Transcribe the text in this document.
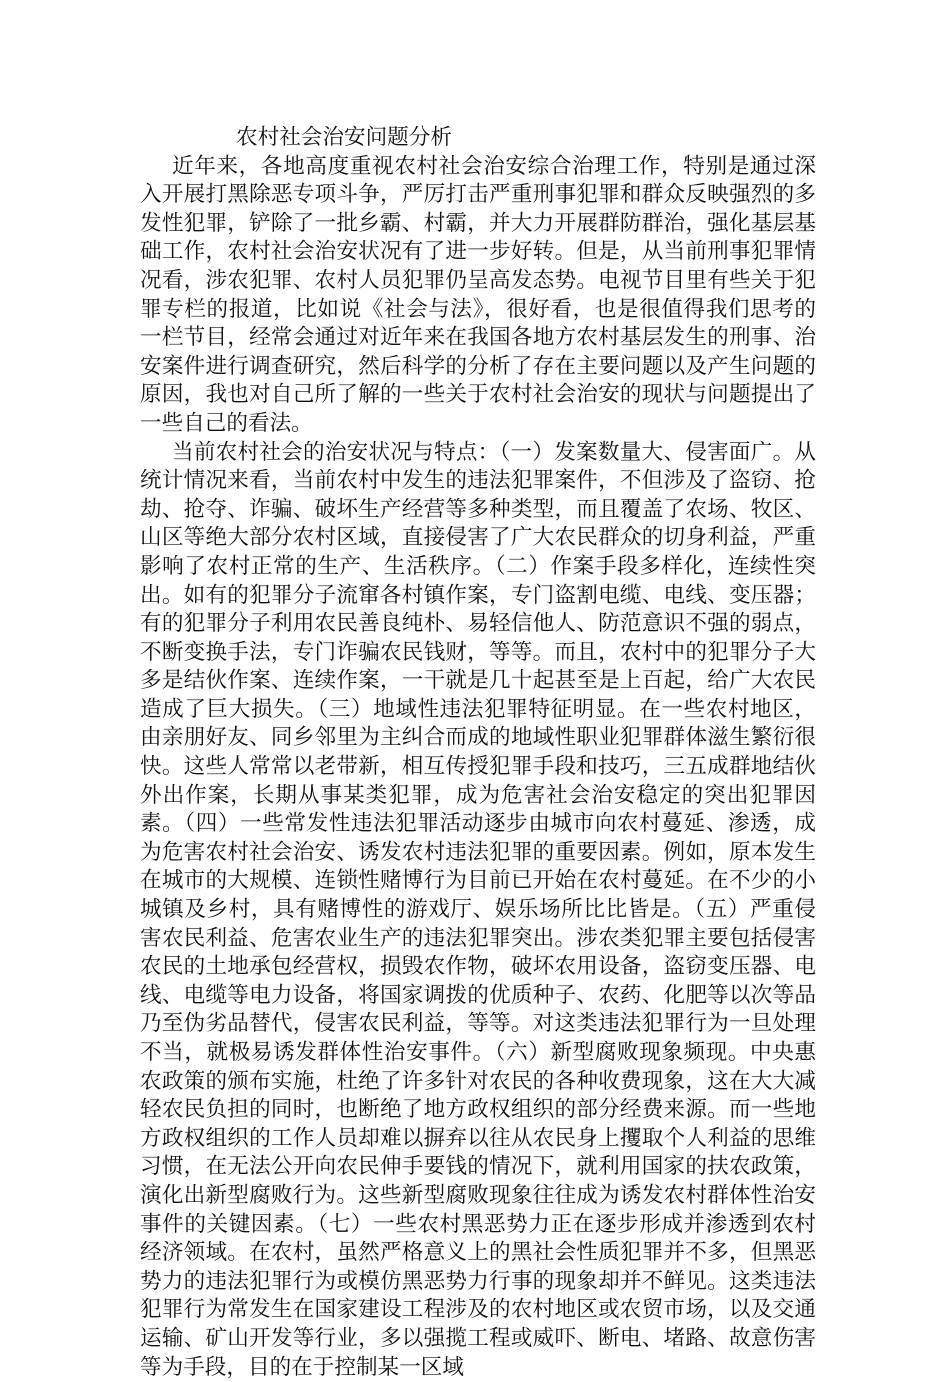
农村社会治安问题分析

近年来，各地高度重视农村社会治安综合治理工作，特别是通过深入开展打黑除恶专项斗争，严厉打击严重刑事犯罪和群众反映强烈的多发性犯罪，铲除了一批乡霸、村霸，并大力开展群防群治，强化基层基础工作，农村社会治安状况有了进一步好转。但是，从当前刑事犯罪情况看，涉农犯罪、农村人员犯罪仍呈高发态势。电视节目里有些关于犯罪专栏的报道，比如说《社会与法》，很好看，也是很值得我们思考的一栏节目，经常会通过对近年来在我国各地方农村基层发生的刑事、治安案件进行调查研究，然后科学的分析了存在主要问题以及产生问题的原因，我也对自己所了解的一些关于农村社会治安的现状与问题提出了一些自己的看法。

当前农村社会的治安状况与特点：（一）发案数量大、侵害面广。从统计情况来看，当前农村中发生的违法犯罪案件，不但涉及了盗窃、抢劫、抢夺、诈骗、破坏生产经营等多种类型，而且覆盖了农场、牧区、山区等绝大部分农村区域，直接侵害了广大农民群众的切身利益，严重影响了农村正常的生产、生活秩序。（二）作案手段多样化，连续性突出。如有的犯罪分子流窜各村镇作案，专门盗割电缆、电线、变压器；有的犯罪分子利用农民善良纯朴、易轻信他人、防范意识不强的弱点，不断变换手法，专门诈骗农民钱财，等等。而且，农村中的犯罪分子大多是结伙作案、连续作案，一干就是几十起甚至是上百起，给广大农民造成了巨大损失。（三）地域性违法犯罪特征明显。在一些农村地区，由亲朋好友、同乡邻里为主纠合而成的地域性职业犯罪群体滋生繁衍很快。这些人常常以老带新，相互传授犯罪手段和技巧，三五成群地结伙外出作案，长期从事某类犯罪，成为危害社会治安稳定的突出犯罪因素。（四）一些常发性违法犯罪活动逐步由城市向农村蔓延、渗透，成为危害农村社会治安、诱发农村违法犯罪的重要因素。例如，原本发生在城市的大规模、连锁性赌博行为目前已开始在农村蔓延。在不少的小城镇及乡村，具有赌博性的游戏厅、娱乐场所比比皆是。（五）严重侵害农民利益、危害农业生产的违法犯罪突出。涉农类犯罪主要包括侵害农民的土地承包经营权，损毁农作物，破坏农用设备，盗窃变压器、电线、电缆等电力设备，将国家调拨的优质种子、农药、化肥等以次等品乃至伪劣品替代，侵害农民利益，等等。对这类违法犯罪行为一旦处理不当，就极易诱发群体性治安事件。（六）新型腐败现象频现。中央惠农政策的颁布实施，杜绝了许多针对农民的各种收费现象，这在大大减轻农民负担的同时，也断绝了地方政权组织的部分经费来源。而一些地方政权组织的工作人员却难以摒弃以往从农民身上攫取个人利益的思维习惯，在无法公开向农民伸手要钱的情况下，就利用国家的扶农政策，演化出新型腐败行为。这些新型腐败现象往往成为诱发农村群体性治安事件的关键因素。（七）一些农村黑恶势力正在逐步形成并渗透到农村经济领域。在农村，虽然严格意义上的黑社会性质犯罪并不多，但黑恶势力的违法犯罪行为或模仿黑恶势力行事的现象却并不鲜见。这类违法犯罪行为常发生在国家建设工程涉及的农村地区或农贸市场，以及交通运输、矿山开发等行业，多以强揽工程或威吓、断电、堵路、故意伤害等为手段，目的在于控制某一区域
